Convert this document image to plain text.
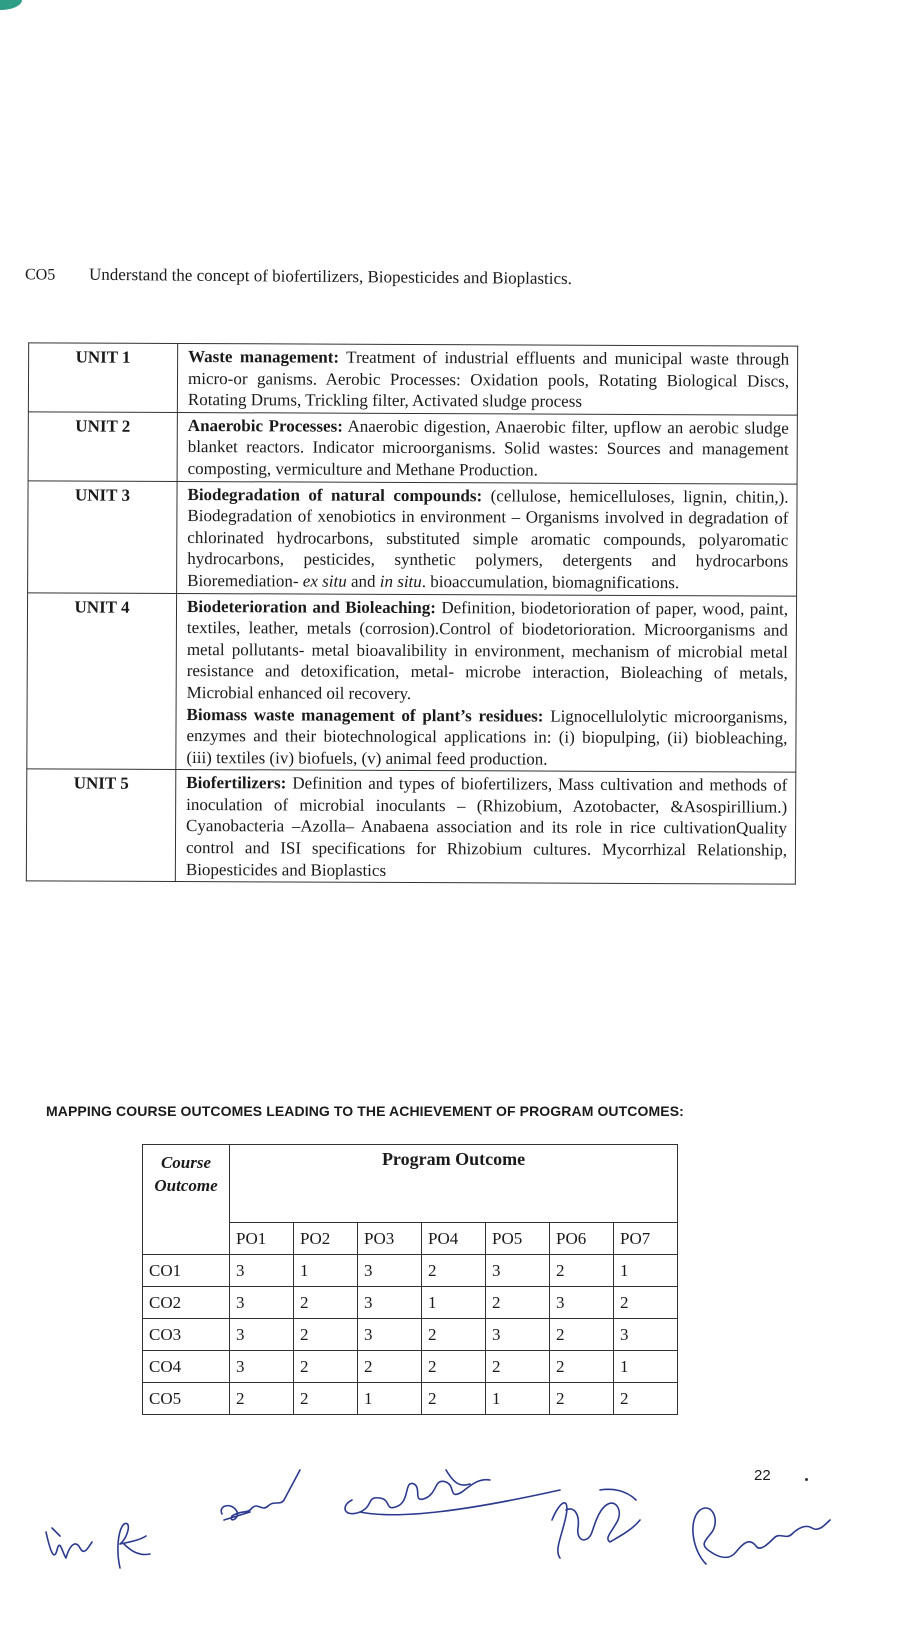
CO5 Understand the concept of biofertilizers, Biopesticides and Bioplastics.
UNIT 1	Waste management: Treatment of industrial effluents and municipal waste through micro-or ganisms. Aerobic Processes: Oxidation pools, Rotating Biological Discs, Rotating Drums, Trickling filter, Activated sludge process

UNIT 2	Anaerobic Processes: Anaerobic digestion, Anaerobic filter, upflow an aerobic sludge blanket reactors. Indicator microorganisms. Solid wastes: Sources and management composting, vermiculture and Methane Production.

UNIT 3	Biodegradation of natural compounds: (cellulose, hemicelluloses, lignin, chitin,). Biodegradation of xenobiotics in environment – Organisms involved in degradation of chlorinated hydrocarbons, substituted simple aromatic compounds, polyaromatic hydrocarbons, pesticides, synthetic polymers, detergents and hydrocarbons Bioremediation- ex situ and in situ. bioaccumulation, biomagnifications.

UNIT 4	Biodeterioration and Bioleaching: Definition, biodetorioration of paper, wood, paint, textiles, leather, metals (corrosion).Control of biodetorioration. Microorganisms and metal pollutants- metal bioavalibility in environment, mechanism of microbial metal resistance and detoxification, metal- microbe interaction, Bioleaching of metals, Microbial enhanced oil recovery.

Biomass waste management of plant’s residues: Lignocellulolytic microorganisms, enzymes and their biotechnological applications in: (i) biopulping, (ii) biobleaching, (iii) textiles (iv) biofuels, (v) animal feed production.

UNIT 5	Biofertilizers: Definition and types of biofertilizers, Mass cultivation and methods of inoculation of microbial inoculants – (Rhizobium, Azotobacter, &Asospirillium.) Cyanobacteria –Azolla– Anabaena association and its role in rice cultivationQuality control and ISI specifications for Rhizobium cultures. Mycorrhizal Relationship, Biopesticides and Bioplastics

MAPPING COURSE OUTCOMES LEADING TO THE ACHIEVEMENT OF PROGRAM OUTCOMES:
Course
Outcome	Program Outcome						
	PO1	PO2	PO3	PO4	PO5	PO6	PO7
CO1	3	1	3	2	3	2	1
CO2	3	2	3	1	2	3	2
CO3	3	2	3	2	3	2	3
CO4	3	2	2	2	2	2	1
CO5	2	2	1	2	1	2	2
22
